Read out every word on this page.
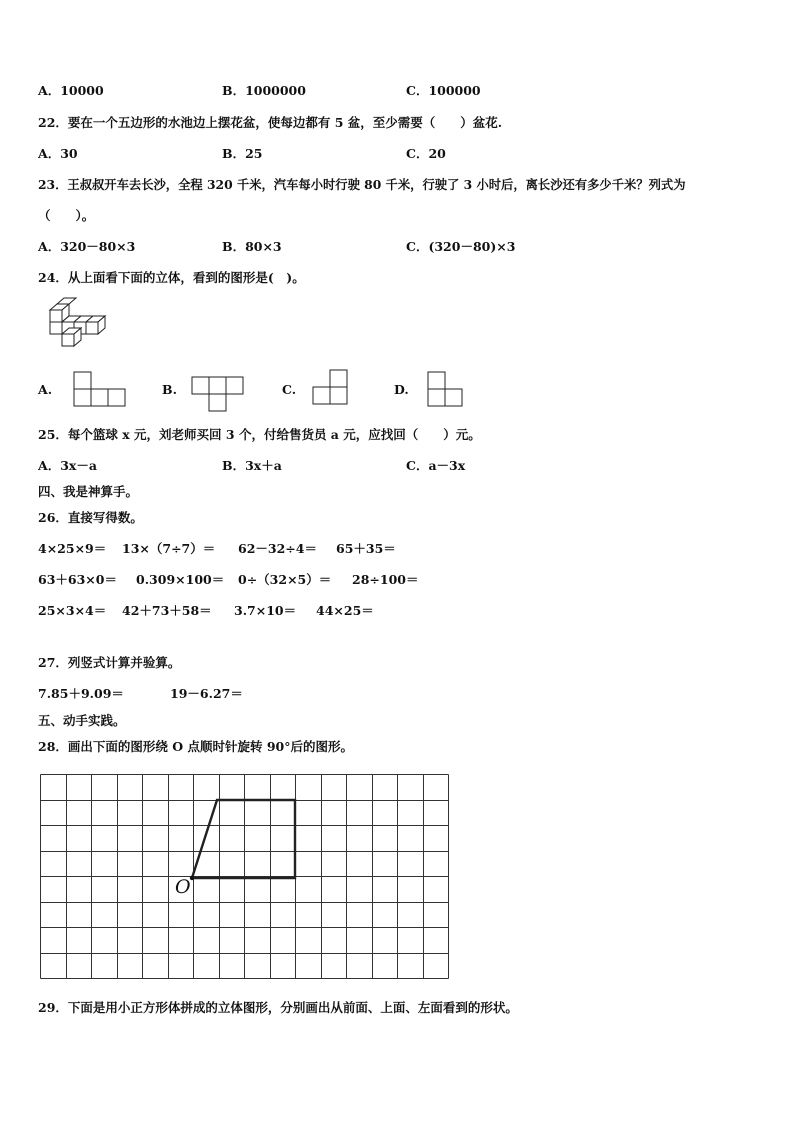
A．10000	B．1000000	C．100000
22．要在一个五边形的水池边上摆花盆，使每边都有 5 盆，至少需要（　　）盆花.
A．30	B．25	C．20
23．王叔叔开车去长沙，全程 320 千米，汽车每小时行驶 80 千米，行驶了 3 小时后，离长沙还有多少千米？列式为
（　　）。
A．320－80×3	B．80×3	C．(320－80)×3
24．从上面看下面的立体，看到的图形是(　)。
A.	B.	C.	D.
25．每个篮球 x 元，刘老师买回 3 个，付给售货员 a 元，应找回（　　）元。
A．3x－a	B．3x＋a	C．a－3x
四、我是神算手。
26．直接写得数。
4×25×9＝ 13×（7÷7）＝ 62－32÷4＝ 65＋35＝
63＋63×0＝ 0.309×100＝ 0÷（32×5）＝ 28÷100＝
25×3×4＝ 42＋73＋58＝ 3.7×10＝ 44×25＝
27．列竖式计算并验算。
7.85＋9.09＝	19－6.27＝
五、动手实践。
28．画出下面的图形绕 O 点顺时针旋转 90°后的图形。
O
29．下面是用小正方形体拼成的立体图形，分别画出从前面、上面、左面看到的形状。
